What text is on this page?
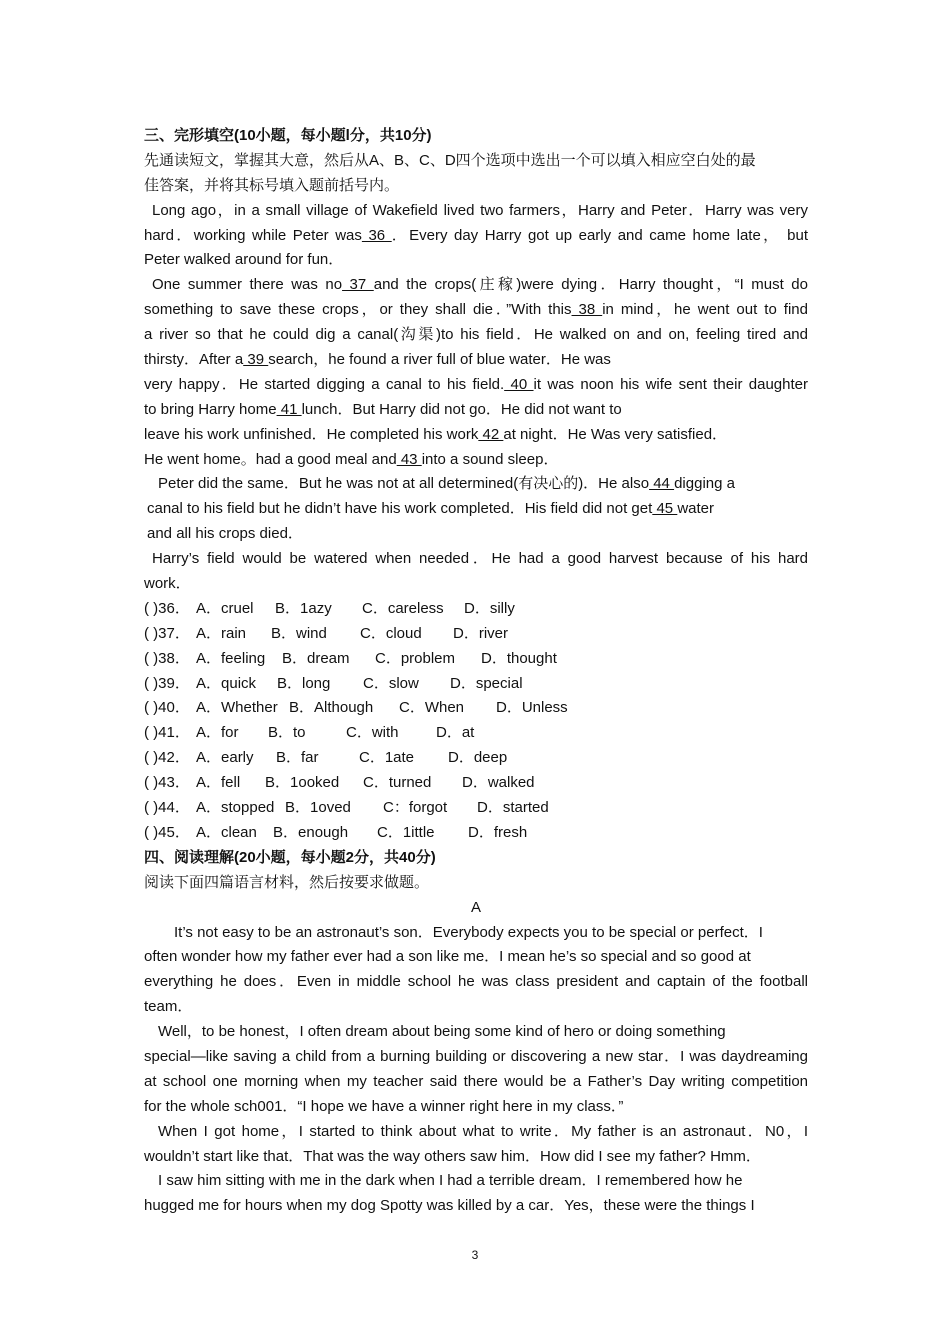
三、完形填空(10小题，每小题l分，共10分)
先通读短文，掌握其大意，然后从A、B、C、D四个选项中选出一个可以填入相应空白处的最
佳答案，并将其标号填入题前括号内。
Long ago，in a small village of Wakefield lived two farmers，Harry and Peter．Harry was very
hard．working while Peter was 36 ．Every day Harry got up early and came home late， but
Peter walked around for fun．
One summer there was no 37 and the crops(庄稼)were dying．Harry thought，“I must do
something to save these crops，or they shall die．”With this 38 in mind，he went out to find
a river so that he could dig a canal(沟渠)to his field．He walked on and on, feeling tired and
thirsty．After a 39 search，he found a river full of blue water．He was
very happy．He started digging a canal to his field. 40 it was noon his wife sent their daughter
to bring Harry home 41 lunch．But Harry did not go．He did not want to
leave his work unfinished．He completed his work 42 at night．He Was very satisfied．
He went home。had a good meal and 43 into a sound sleep．
Peter did the same．But he was not at all determined(有决心的)．He also 44 digging a
canal to his field but he didn’t have his work completed．His field did not get 45 water
and all his crops died．
Harry’s field would be watered when needed．He had a good harvest because of his hard
work．
( )36． A．cruel	B．1azy	C．careless	D．silly
( )37． A．rain	B．wind	C．cloud	D．river
( )38． A．feeling	B．dream	C．problem	D．thought
( )39． A．quick	B．long	C．slow	D．special
( )40． A．Whether B．Although	C．When	D．Unless
( )41． A．for	B．to	C．with	D．at
( )42． A．early	B．far	C．1ate	D．deep
( )43． A．fell	B．1ooked	C．turned	D．walked
( )44． A．stopped B．1oved	C：forgot	D．started
( )45． A．clean	B．enough	C．1ittle	D．fresh
四、阅读理解(20小题，每小题2分，共40分)
阅读下面四篇语言材料，然后按要求做题。
A
It’s not easy to be an astronaut’s son．Everybody expects you to be special or perfect．I
often wonder how my father ever had a son like me．I mean he’s so special and so good at
everything he does．Even in middle school he was class president and captain of the football
team．
Well，to be honest，I often dream about being some kind of hero or doing something
special—like saving a child from a burning building or discovering a new star．I was daydreaming
at school one morning when my teacher said there would be a Father’s Day writing competition
for the whole sch001．“I hope we have a winner right here in my class．”
When I got home，I started to think about what to write．My father is an astronaut．N0，I
wouldn’t start like that．That was the way others saw him．How did I see my father? Hmm．
I saw him sitting with me in the dark when I had a terrible dream．I remembered how he
hugged me for hours when my dog Spotty was killed by a car．Yes，these were the things I
3
